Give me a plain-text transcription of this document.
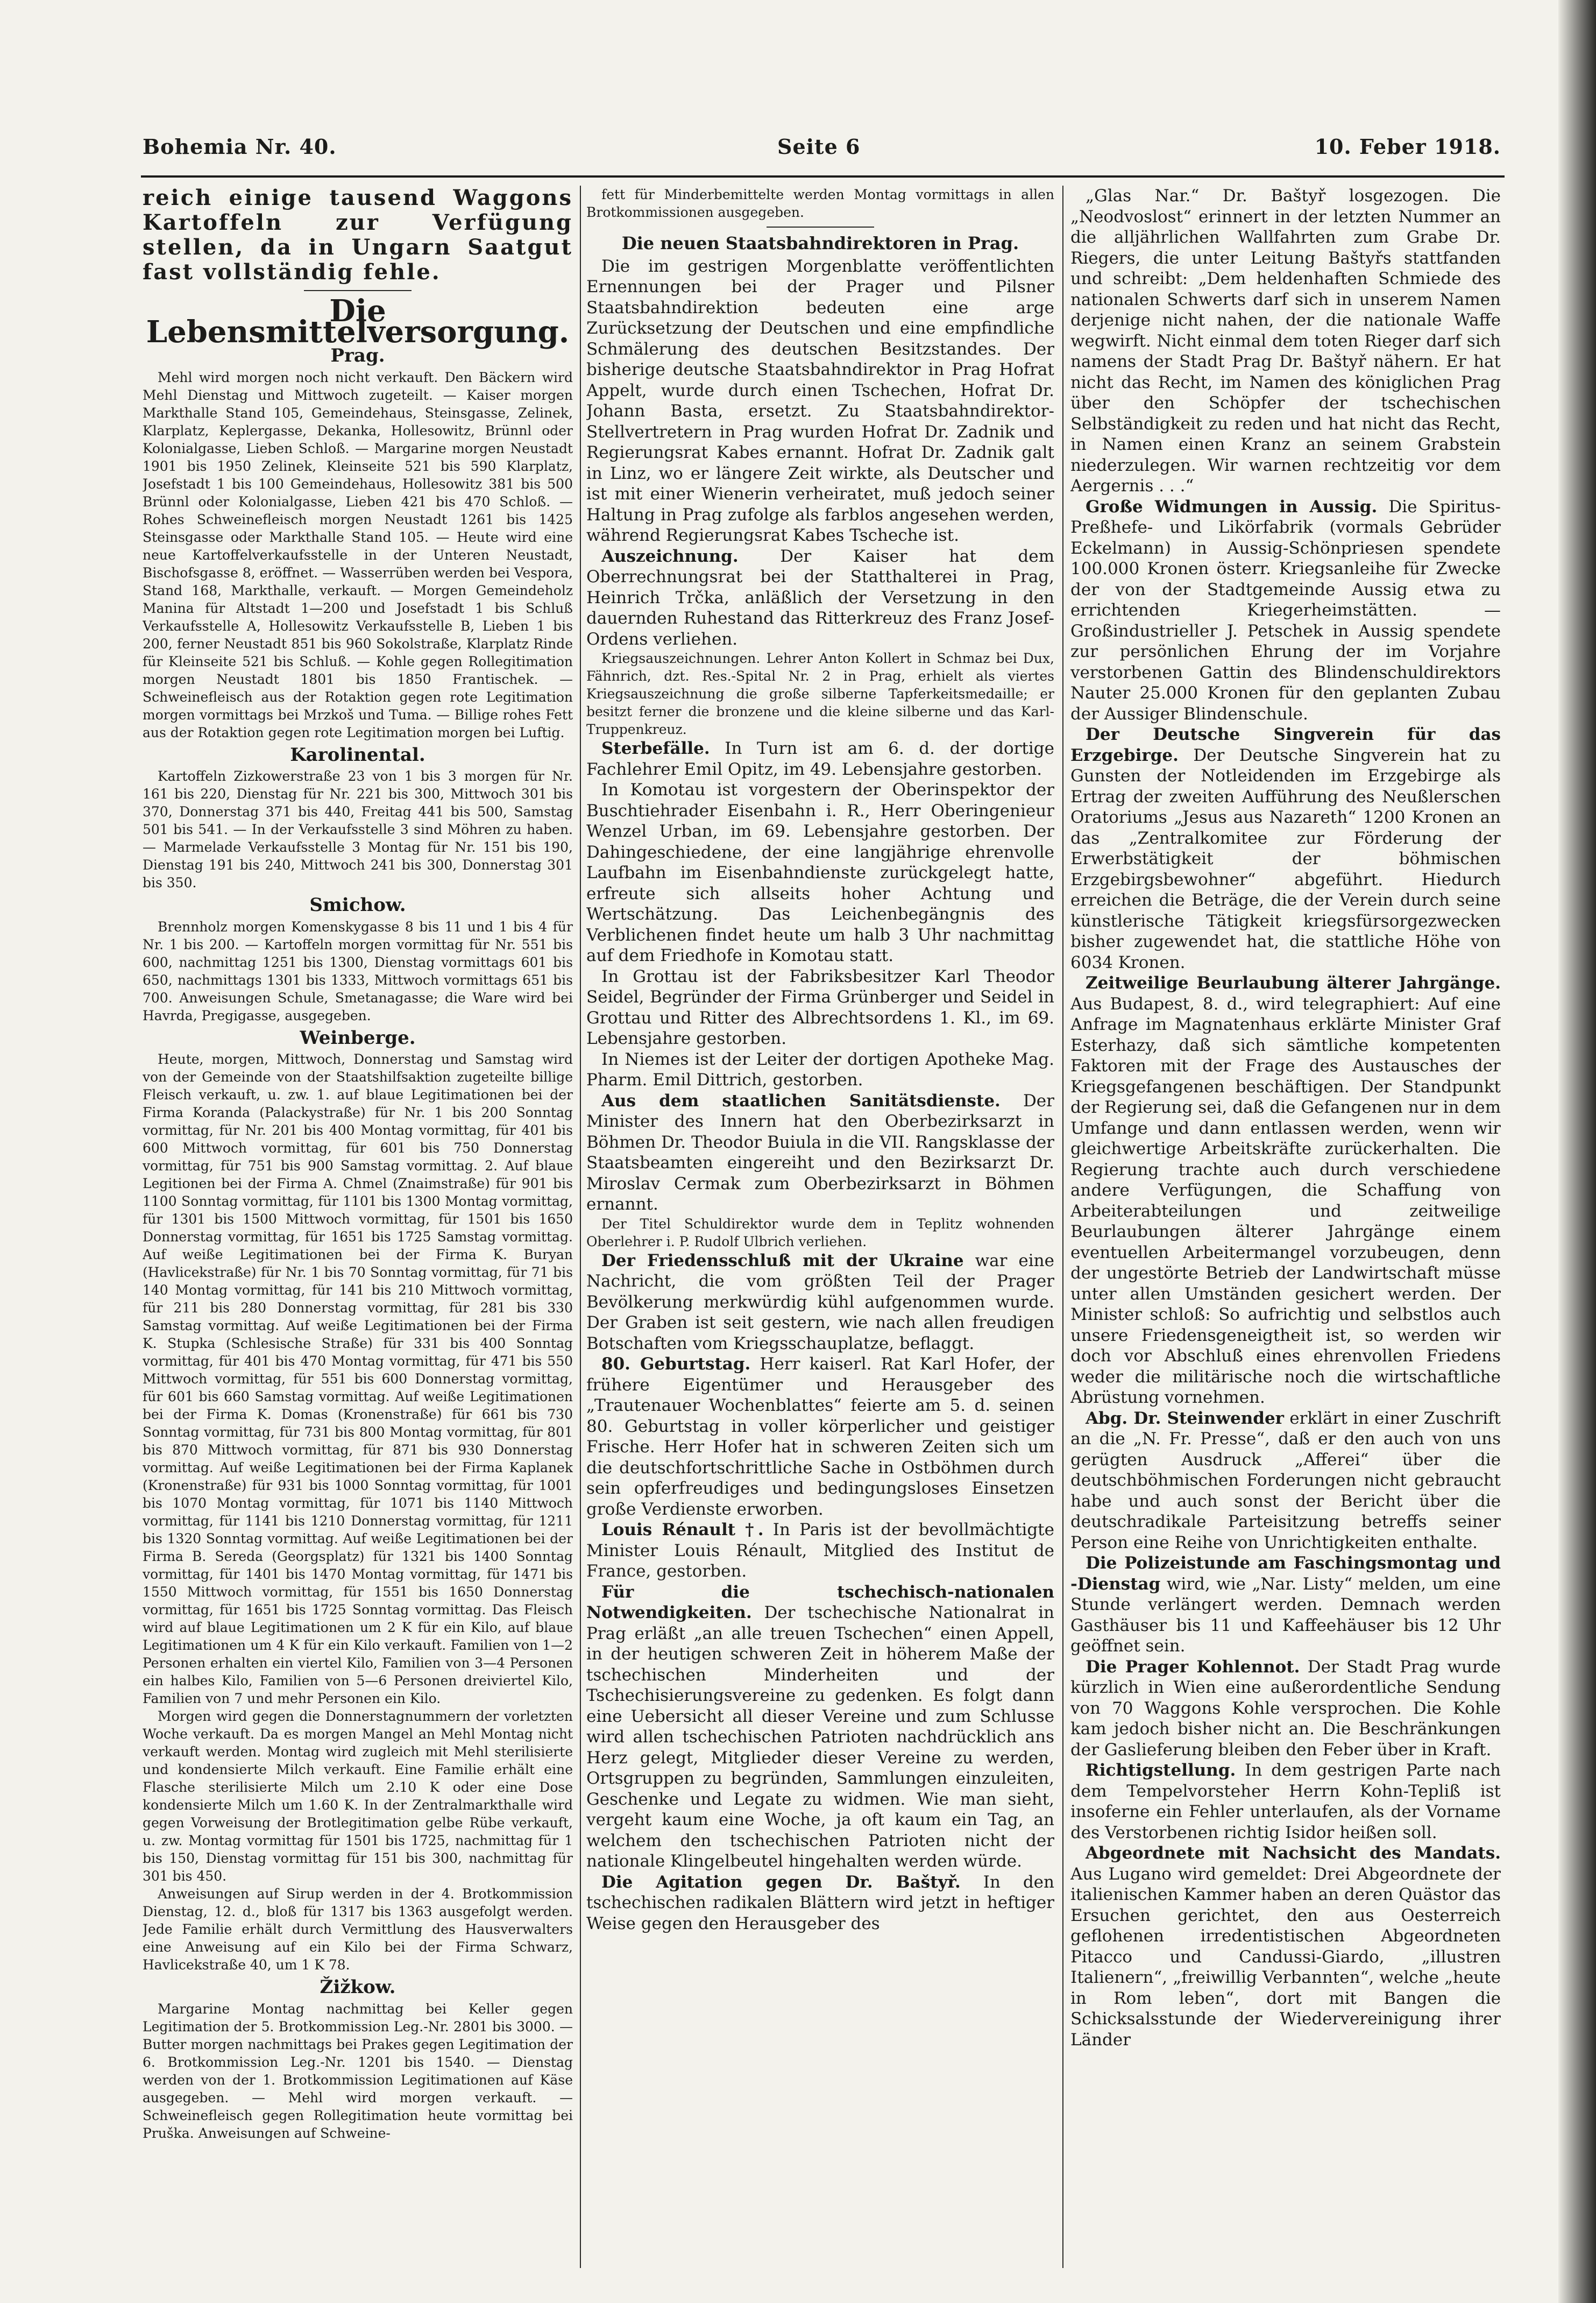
Bohemia Nr. 40.	Seite 6	10. Feber 1918.

reich einige tausend Waggons Kartoffeln zur Verfügung stellen, da in Ungarn Saatgut fast vollständig fehle.

Die Lebensmittelversorgung.
Prag.

Mehl wird morgen noch nicht verkauft. Den Bäckern wird Mehl Dienstag und Mittwoch zugeteilt. — Kaiser morgen Markthalle Stand 105, Gemeindehaus, Steinsgasse, Zelinek, Klarplatz, Keplergasse, Dekanka, Hollesowitz, Brünnl oder Kolonialgasse, Lieben Schloß. — Margarine morgen Neustadt 1901 bis 1950 Zelinek, Kleinseite 521 bis 590 Klarplatz, Josefstadt 1 bis 100 Gemeindehaus, Hollesowitz 381 bis 500 Brünnl oder Kolonialgasse, Lieben 421 bis 470 Schloß. — Rohes Schweinefleisch morgen Neustadt 1261 bis 1425 Steinsgasse oder Markthalle Stand 105. — Heute wird eine neue Kartoffelverkaufsstelle in der Unteren Neustadt, Bischofsgasse 8, eröffnet. — Wasserrüben werden bei Vespora, Stand 168, Markthalle, verkauft. — Morgen Gemeindeholz Manina für Altstadt 1—200 und Josefstadt 1 bis Schluß Verkaufsstelle A, Hollesowitz Verkaufsstelle B, Lieben 1 bis 200, ferner Neustadt 851 bis 960 Sokolstraße, Klarplatz Rinde für Kleinseite 521 bis Schluß. — Kohle gegen Rollegitimation morgen Neustadt 1801 bis 1850 Frantischek. — Schweinefleisch aus der Rotaktion gegen rote Legitimation morgen vormittags bei Mrzkoš und Tuma. — Billige rohes Fett aus der Rotaktion gegen rote Legitimation morgen bei Luftig.

Karolinental.

Kartoffeln Zizkowerstraße 23 von 1 bis 3 morgen für Nr. 161 bis 220, Dienstag für Nr. 221 bis 300, Mittwoch 301 bis 370, Donnerstag 371 bis 440, Freitag 441 bis 500, Samstag 501 bis 541. — In der Verkaufsstelle 3 sind Möhren zu haben. — Marmelade Verkaufsstelle 3 Montag für Nr. 151 bis 190, Dienstag 191 bis 240, Mittwoch 241 bis 300, Donnerstag 301 bis 350.

Smichow.

Brennholz morgen Komenskygasse 8 bis 11 und 1 bis 4 für Nr. 1 bis 200. — Kartoffeln morgen vormittag für Nr. 551 bis 600, nachmittag 1251 bis 1300, Dienstag vormittags 601 bis 650, nachmittags 1301 bis 1333, Mittwoch vormittags 651 bis 700. Anweisungen Schule, Smetanagasse; die Ware wird bei Havrda, Pregigasse, ausgegeben.

Weinberge.

Heute, morgen, Mittwoch, Donnerstag und Samstag wird von der Gemeinde von der Staatshilfsaktion zugeteilte billige Fleisch verkauft, u. zw. 1. auf blaue Legitimationen bei der Firma Koranda (Palackystraße) für Nr. 1 bis 200 Sonntag vormittag, für Nr. 201 bis 400 Montag vormittag, für 401 bis 600 Mittwoch vormittag, für 601 bis 750 Donnerstag vormittag, für 751 bis 900 Samstag vormittag. 2. Auf blaue Legitionen bei der Firma A. Chmel (Znaimstraße) für 901 bis 1100 Sonntag vormittag, für 1101 bis 1300 Montag vormittag, für 1301 bis 1500 Mittwoch vormittag, für 1501 bis 1650 Donnerstag vormittag, für 1651 bis 1725 Samstag vormittag. Auf weiße Legitimationen bei der Firma K. Buryan (Havlicekstraße) für Nr. 1 bis 70 Sonntag vormittag, für 71 bis 140 Montag vormittag, für 141 bis 210 Mittwoch vormittag, für 211 bis 280 Donnerstag vormittag, für 281 bis 330 Samstag vormittag. Auf weiße Legitimationen bei der Firma K. Stupka (Schlesische Straße) für 331 bis 400 Sonntag vormittag, für 401 bis 470 Montag vormittag, für 471 bis 550 Mittwoch vormittag, für 551 bis 600 Donnerstag vormittag, für 601 bis 660 Samstag vormittag. Auf weiße Legitimationen bei der Firma K. Domas (Kronenstraße) für 661 bis 730 Sonntag vormittag, für 731 bis 800 Montag vormittag, für 801 bis 870 Mittwoch vormittag, für 871 bis 930 Donnerstag vormittag. Auf weiße Legitimationen bei der Firma Kaplanek (Kronenstraße) für 931 bis 1000 Sonntag vormittag, für 1001 bis 1070 Montag vormittag, für 1071 bis 1140 Mittwoch vormittag, für 1141 bis 1210 Donnerstag vormittag, für 1211 bis 1320 Sonntag vormittag. Auf weiße Legitimationen bei der Firma B. Sereda (Georgsplatz) für 1321 bis 1400 Sonntag vormittag, für 1401 bis 1470 Montag vormittag, für 1471 bis 1550 Mittwoch vormittag, für 1551 bis 1650 Donnerstag vormittag, für 1651 bis 1725 Sonntag vormittag. Das Fleisch wird auf blaue Legitimationen um 2 K für ein Kilo, auf blaue Legitimationen um 4 K für ein Kilo verkauft. Familien von 1—2 Personen erhalten ein viertel Kilo, Familien von 3—4 Personen ein halbes Kilo, Familien von 5—6 Personen dreiviertel Kilo, Familien von 7 und mehr Personen ein Kilo.

Morgen wird gegen die Donnerstagnummern der vorletzten Woche verkauft. Da es morgen Mangel an Mehl Montag nicht verkauft werden. Montag wird zugleich mit Mehl sterilisierte und kondensierte Milch verkauft. Eine Familie erhält eine Flasche sterilisierte Milch um 2.10 K oder eine Dose kondensierte Milch um 1.60 K. In der Zentralmarkthalle wird gegen Vorweisung der Brotlegitimation gelbe Rübe verkauft, u. zw. Montag vormittag für 1501 bis 1725, nachmittag für 1 bis 150, Dienstag vormittag für 151 bis 300, nachmittag für 301 bis 450.

Anweisungen auf Sirup werden in der 4. Brotkommission Dienstag, 12. d., bloß für 1317 bis 1363 ausgefolgt werden. Jede Familie erhält durch Vermittlung des Hausverwalters eine Anweisung auf ein Kilo bei der Firma Schwarz, Havlicekstraße 40, um 1 K 78.

Žižkow.

Margarine Montag nachmittag bei Keller gegen Legitimation der 5. Brotkommission Leg.-Nr. 2801 bis 3000. — Butter morgen nachmittags bei Prakes gegen Legitimation der 6. Brotkommission Leg.-Nr. 1201 bis 1540. — Dienstag werden von der 1. Brotkommission Legitimationen auf Käse ausgegeben. — Mehl wird morgen verkauft. — Schweinefleisch gegen Rollegitimation heute vormittag bei Pruška. Anweisungen auf Schweine-

fett für Minderbemittelte werden Montag vormittags in allen Brotkommissionen ausgegeben.

Die neuen Staatsbahndirektoren in Prag.

Die im gestrigen Morgenblatte veröffentlichten Ernennungen bei der Prager und Pilsner Staatsbahndirektion bedeuten eine arge Zurücksetzung der Deutschen und eine empfindliche Schmälerung des deutschen Besitzstandes. Der bisherige deutsche Staatsbahndirektor in Prag Hofrat Appelt, wurde durch einen Tschechen, Hofrat Dr. Johann Basta, ersetzt. Zu Staatsbahndirektor-Stellvertretern in Prag wurden Hofrat Dr. Zadnik und Regierungsrat Kabes ernannt. Hofrat Dr. Zadnik galt in Linz, wo er längere Zeit wirkte, als Deutscher und ist mit einer Wienerin verheiratet, muß jedoch seiner Haltung in Prag zufolge als farblos angesehen werden, während Regierungsrat Kabes Tscheche ist.

Auszeichnung.	Der Kaiser hat dem Oberrechnungsrat bei der Statthalterei in Prag, Heinrich Trčka, anläßlich der Versetzung in den dauernden Ruhestand das Ritterkreuz des Franz Josef-Ordens verliehen.

Kriegsauszeichnungen. Lehrer Anton Kollert in Schmaz bei Dux, Fähnrich, dzt. Res.-Spital Nr. 2 in Prag, erhielt als viertes Kriegsauszeichnung die große silberne Tapferkeitsmedaille; er besitzt ferner die bronzene und die kleine silberne und das Karl-Truppenkreuz.

Sterbefälle. In Turn ist am 6. d. der dortige Fachlehrer Emil Opitz, im 49. Lebensjahre gestorben.

In Komotau ist vorgestern der Oberinspektor der Buschtiehrader Eisenbahn i. R., Herr Oberingenieur Wenzel Urban, im 69. Lebensjahre gestorben. Der Dahingeschiedene, der eine langjährige ehrenvolle Laufbahn im Eisenbahndienste zurückgelegt hatte, erfreute sich allseits hoher Achtung und Wertschätzung. Das Leichenbegängnis des Verblichenen findet heute um halb 3 Uhr nachmittag auf dem Friedhofe in Komotau statt.

In Grottau ist der Fabriksbesitzer Karl Theodor Seidel, Begründer der Firma Grünberger und Seidel in Grottau und Ritter des Albrechtsordens 1. Kl., im 69. Lebensjahre gestorben.

In Niemes ist der Leiter der dortigen Apotheke Mag. Pharm. Emil Dittrich, gestorben.

Aus dem staatlichen Sanitätsdienste. Der Minister des Innern hat den Oberbezirksarzt in Böhmen Dr. Theodor Buiula in die VII. Rangsklasse der Staatsbeamten eingereiht und den Bezirksarzt Dr. Miroslav Cermak zum Oberbezirksarzt in Böhmen ernannt.

Der Titel Schuldirektor wurde dem in Teplitz wohnenden Oberlehrer i. P. Rudolf Ulbrich verliehen.

Der Friedensschluß mit der Ukraine war eine Nachricht, die vom größten Teil der Prager Bevölkerung merkwürdig kühl aufgenommen wurde. Der Graben ist seit gestern, wie nach allen freudigen Botschaften vom Kriegsschauplatze, beflaggt.

80. Geburtstag. Herr kaiserl. Rat Karl Hofer, der frühere Eigentümer und Herausgeber des „Trautenauer Wochenblattes“ feierte am 5. d. seinen 80. Geburtstag in voller körperlicher und geistiger Frische. Herr Hofer hat in schweren Zeiten sich um die deutschfortschrittliche Sache in Ostböhmen durch sein opferfreudiges und bedingungsloses Einsetzen große Verdienste erworben.

Louis Rénault †. In Paris ist der bevollmächtigte Minister Louis Rénault, Mitglied des Institut de France, gestorben.

Für die tschechisch-nationalen Notwendigkeiten. Der tschechische Nationalrat in Prag erläßt „an alle treuen Tschechen“ einen Appell, in der heutigen schweren Zeit in höherem Maße der tschechischen Minderheiten und der Tschechisierungsvereine zu gedenken. Es folgt dann eine Uebersicht all dieser Vereine und zum Schlusse wird allen tschechischen Patrioten nachdrücklich ans Herz gelegt, Mitglieder dieser Vereine zu werden, Ortsgruppen zu begründen, Sammlungen einzuleiten, Geschenke und Legate zu widmen. Wie man sieht, vergeht kaum eine Woche, ja oft kaum ein Tag, an welchem den tschechischen Patrioten nicht der nationale Klingelbeutel hingehalten werden würde.

Die Agitation gegen Dr. Baštyř. In den tschechischen radikalen Blättern wird jetzt in heftiger Weise gegen den Herausgeber des

„Glas Nar.“ Dr. Baštyř losgezogen. Die „Neodvoslost“ erinnert in der letzten Nummer an die alljährlichen Wallfahrten zum Grabe Dr. Riegers, die unter Leitung Baštyřs stattfanden und schreibt: „Dem heldenhaften Schmiede des nationalen Schwerts darf sich in unserem Namen derjenige nicht nahen, der die nationale Waffe wegwirft. Nicht einmal dem toten Rieger darf sich namens der Stadt Prag Dr. Baštyř nähern. Er hat nicht das Recht, im Namen des königlichen Prag über den Schöpfer der tschechischen Selbständigkeit zu reden und hat nicht das Recht, in Namen einen Kranz an seinem Grabstein niederzulegen. Wir warnen rechtzeitig vor dem Aergernis . . .“

Große Widmungen in Aussig. Die Spiritus-Preßhefe- und Likörfabrik (vormals Gebrüder Eckelmann) in Aussig-Schönpriesen spendete 100.000 Kronen österr. Kriegsanleihe für Zwecke der von der Stadtgemeinde Aussig etwa zu errichtenden Kriegerheimstätten. — Großindustrieller J. Petschek in Aussig spendete zur persönlichen Ehrung der im Vorjahre verstorbenen Gattin des Blindenschuldirektors Nauter 25.000 Kronen für den geplanten Zubau der Aussiger Blindenschule.

Der Deutsche Singverein für das Erzgebirge. Der Deutsche Singverein hat zu Gunsten der Notleidenden im Erzgebirge als Ertrag der zweiten Aufführung des Neußlerschen Oratoriums „Jesus aus Nazareth“ 1200 Kronen an das „Zentralkomitee zur Förderung der Erwerbstätigkeit der böhmischen Erzgebirgsbewohner“ abgeführt. Hiedurch erreichen die Beträge, die der Verein durch seine künstlerische Tätigkeit kriegsfürsorgezwecken bisher zugewendet hat, die stattliche Höhe von 6034 Kronen.

Zeitweilige Beurlaubung älterer Jahrgänge. Aus Budapest, 8. d., wird telegraphiert: Auf eine Anfrage im Magnatenhaus erklärte Minister Graf Esterhazy, daß sich sämtliche kompetenten Faktoren mit der Frage des Austausches der Kriegsgefangenen beschäftigen. Der Standpunkt der Regierung sei, daß die Gefangenen nur in dem Umfange und dann entlassen werden, wenn wir gleichwertige Arbeitskräfte zurückerhalten. Die Regierung trachte auch durch verschiedene andere Verfügungen, die Schaffung von Arbeiterabteilungen und zeitweilige Beurlaubungen älterer Jahrgänge einem eventuellen Arbeitermangel vorzubeugen, denn der ungestörte Betrieb der Landwirtschaft müsse unter allen Umständen gesichert werden. Der Minister schloß: So aufrichtig und selbstlos auch unsere Friedensgeneigtheit ist, so werden wir doch vor Abschluß eines ehrenvollen Friedens weder die militärische noch die wirtschaftliche Abrüstung vornehmen.

Abg. Dr. Steinwender erklärt in einer Zuschrift an die „N. Fr. Presse“, daß er den auch von uns gerügten Ausdruck „Afferei“ über die deutschböhmischen Forderungen nicht gebraucht habe und auch sonst der Bericht über die deutschradikale Parteisitzung betreffs seiner Person eine Reihe von Unrichtigkeiten enthalte.

Die Polizeistunde am Faschingsmontag und -Dienstag wird, wie „Nar. Listy“ melden, um eine Stunde verlängert werden. Demnach werden Gasthäuser bis 11 und Kaffeehäuser bis 12 Uhr geöffnet sein.

Die Prager Kohlennot. Der Stadt Prag wurde kürzlich in Wien eine außerordentliche Sendung von 70 Waggons Kohle versprochen. Die Kohle kam jedoch bisher nicht an. Die Beschränkungen der Gaslieferung bleiben den Feber über in Kraft.

Richtigstellung. In dem gestrigen Parte nach dem Tempelvorsteher Herrn Kohn-Tepliß ist insoferne ein Fehler unterlaufen, als der Vorname des Verstorbenen richtig Isidor heißen soll.

Abgeordnete mit Nachsicht des Mandats. Aus Lugano wird gemeldet: Drei Abgeordnete der italienischen Kammer haben an deren Quästor das Ersuchen gerichtet, den aus Oesterreich geflohenen irredentistischen Abgeordneten Pitacco und Candussi-Giardo, „illustren Italienern“, „freiwillig Verbannten“, welche „heute in Rom leben“, dort mit Bangen die Schicksalsstunde der Wiedervereinigung ihrer Länder
